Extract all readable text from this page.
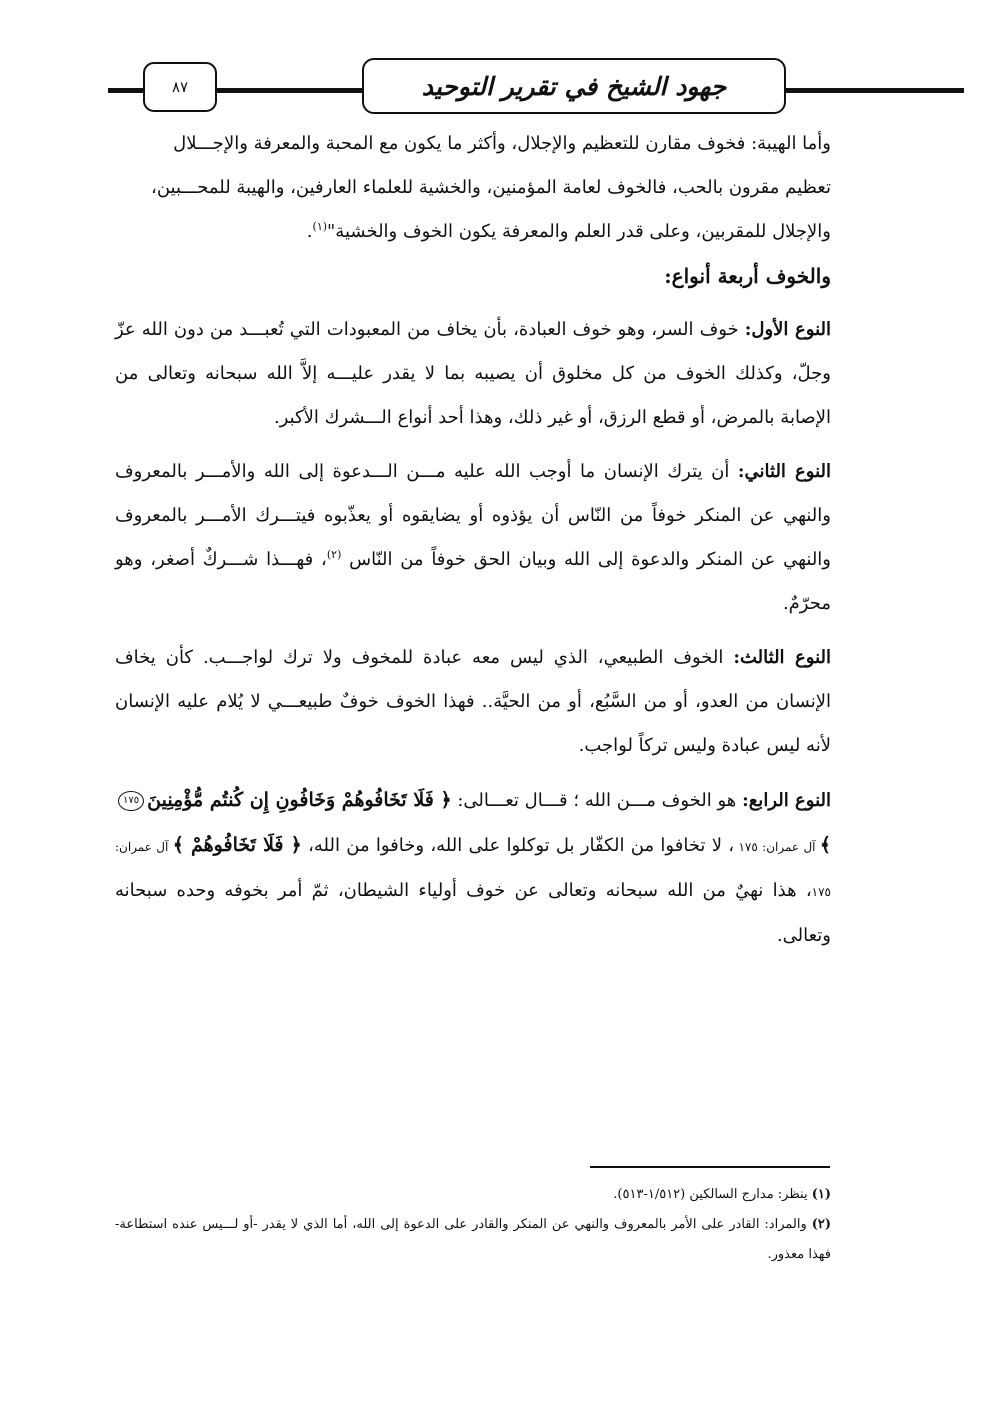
٨٧	جهود الشيخ في تقرير التوحيد

وأما الهيبة: فخوف مقارن للتعظيم والإجلال، وأكثر ما يكون مع المحبة والمعرفة والإجـــلال

تعظيم مقرون بالحب، فالخوف لعامة المؤمنين، والخشية للعلماء العارفين، والهيبة للمحـــبين،

والإجلال للمقربين، وعلى قدر العلم والمعرفة يكون الخوف والخشية"$^{(١)}$.

والخوف أربعة أنواع:

النوع الأول: خوف السر، وهو خوف العبادة، بأن يخاف من المعبودات التي تُعبـــد من دون الله عزّ وجلّ، وكذلك الخوف من كل مخلوق أن يصيبه بما لا يقدر عليـــه إلاَّ الله سبحانه وتعالى من الإصابة بالمرض، أو قطع الرزق، أو غير ذلك، وهذا أحد أنواع الـــشرك الأكبر.

النوع الثاني: أن يترك الإنسان ما أوجب الله عليه مـــن الـــدعوة إلى الله والأمـــر بالمعروف والنهي عن المنكر خوفاً من النّاس أن يؤذوه أو يضايقوه أو يعذّبوه فيتـــرك الأمـــر بالمعروف والنهي عن المنكر والدعوة إلى الله وبيان الحق خوفاً من النّاس $^{(٢)}$، فهـــذا شـــركٌ أصغر، وهو محرّمٌ.

النوع الثالث: الخوف الطبيعي، الذي ليس معه عبادة للمخوف ولا ترك لواجـــب. كأن يخاف الإنسان من العدو، أو من السَّبُع، أو من الحيَّة.. فهذا الخوف خوفٌ طبيعـــي لا يُلام عليه الإنسان لأنه ليس عبادة وليس تركاً لواجب.

النوع الرابع: هو الخوف مـــن الله ؛ قـــال تعـــالى: ﴿ فَلَا تَخَافُوهُمْ وَخَافُونِ إِن كُنتُم مُّؤْمِنِينَ١٧٥ ﴾ آل عمران: ١٧٥ ، لا تخافوا من الكفّار بل توكلوا على الله، وخافوا من الله، ﴿ فَلَا تَخَافُوهُمْ ﴾ آل عمران: ١٧٥، هذا نهيٌ من الله سبحانه وتعالى عن خوف أولياء الشيطان، ثمّ أمر بخوفه وحده سبحانه وتعالى.

(١) ينظر: مدارج السالكين (١/٥١٢-٥١٣).

(٢) والمراد: القادر على الأمر بالمعروف والنهي عن المنكر والقادر على الدعوة إلى الله، أما الذي لا يقدر -أو لـــيس عنده استطاعة- فهذا معذور.
